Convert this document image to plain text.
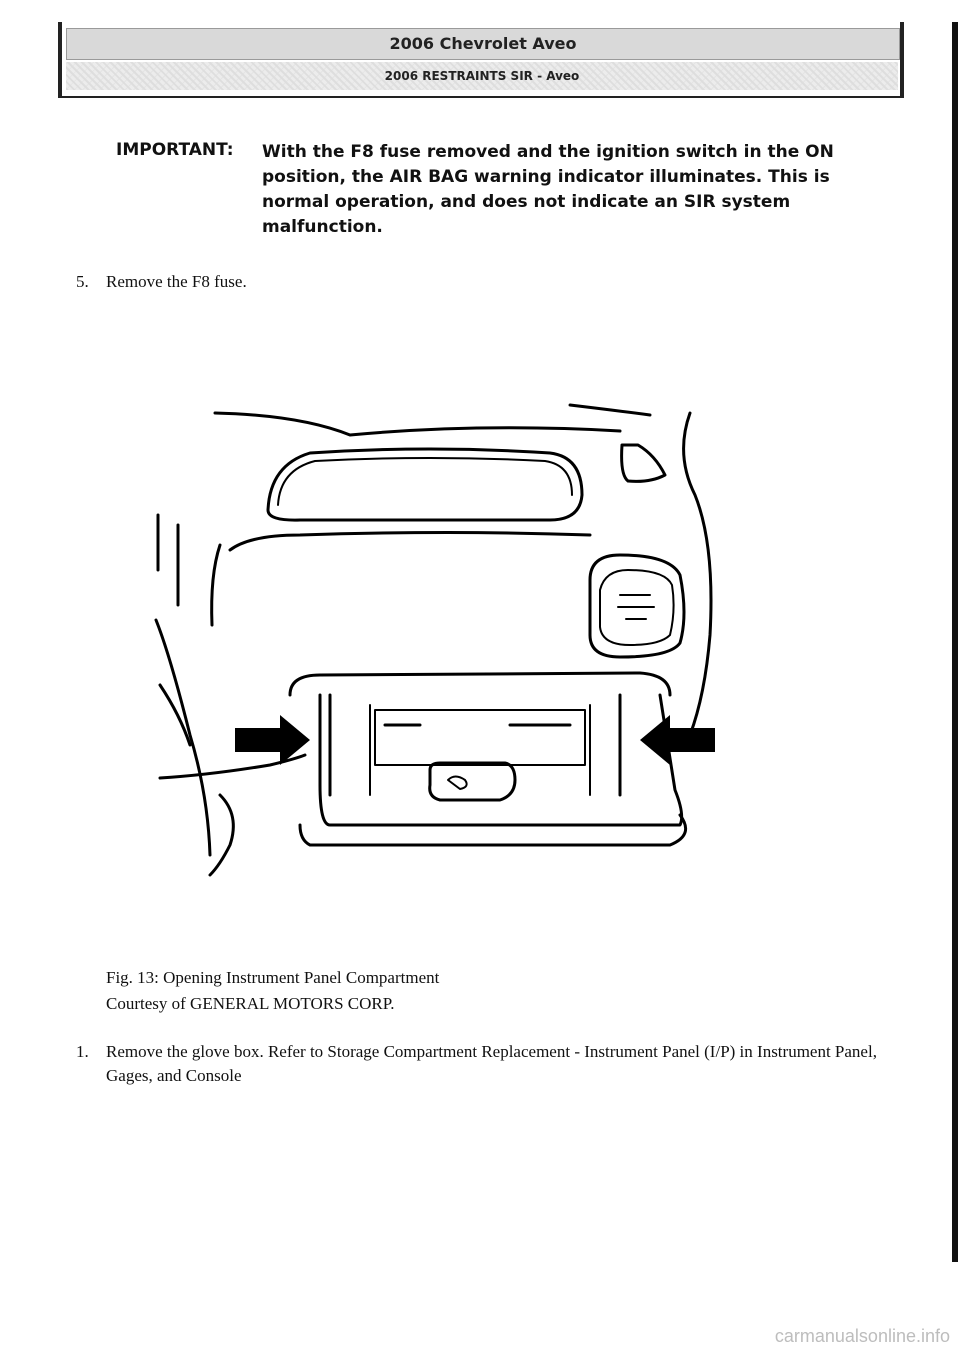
2006 Chevrolet Aveo
2006 RESTRAINTS SIR - Aveo
IMPORTANT:	With the F8 fuse removed and the ignition switch in the ON position, the AIR BAG warning indicator illuminates. This is normal operation, and does not indicate an SIR system malfunction.
5.	Remove the F8 fuse.
Fig. 13: Opening Instrument Panel Compartment
Courtesy of GENERAL MOTORS CORP.
1.	Remove the glove box. Refer to Storage Compartment Replacement - Instrument Panel (I/P) in Instrument Panel, Gages, and Console
carmanualsonline.info
